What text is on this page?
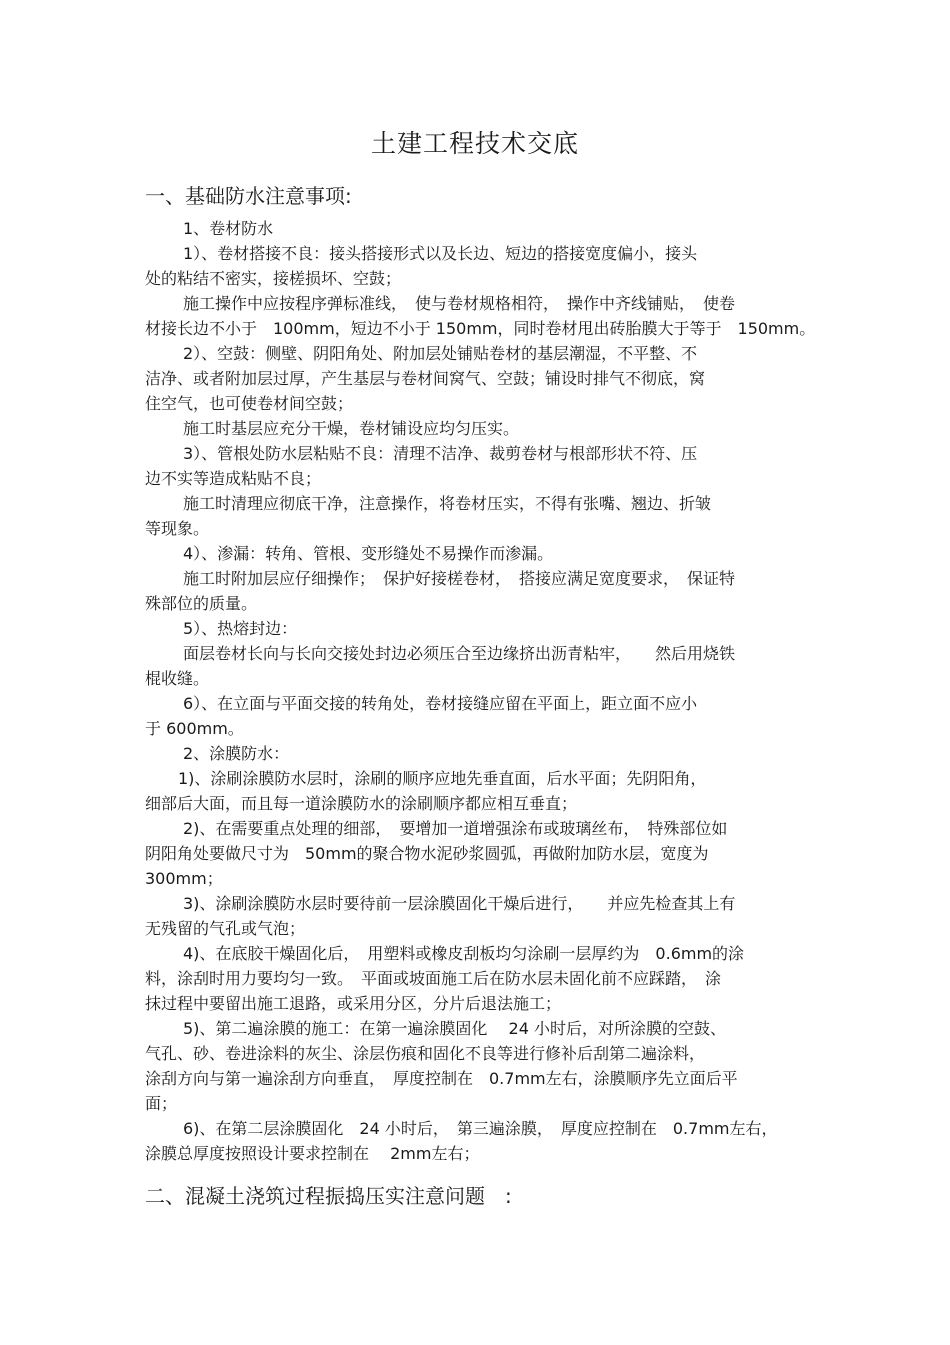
土建工程技术交底
一、基础防水注意事项:
1、卷材防水
1）、卷材搭接不良：接头搭接形式以及长边、短边的搭接宽度偏小，接头
处的粘结不密实，接槎损坏、空鼓；
施工操作中应按程序弹标准线，　使与卷材规格相符，　操作中齐线铺贴，　使卷
材接长边不小于　100mm，短边不小于 150mm，同时卷材甩出砖胎膜大于等于　150mm。
2）、空鼓：侧壁、阴阳角处、附加层处铺贴卷材的基层潮湿，不平整、不
洁净、或者附加层过厚，产生基层与卷材间窝气、空鼓；铺设时排气不彻底，窝
住空气，也可使卷材间空鼓；
施工时基层应充分干燥，卷材铺设应均匀压实。
3）、管根处防水层粘贴不良：清理不洁净、裁剪卷材与根部形状不符、压
边不实等造成粘贴不良；
施工时清理应彻底干净，注意操作，将卷材压实，不得有张嘴、翘边、折皱
等现象。
4）、渗漏：转角、管根、变形缝处不易操作而渗漏。
施工时附加层应仔细操作；　保护好接槎卷材，　搭接应满足宽度要求，　保证特
殊部位的质量。
5）、热熔封边：
面层卷材长向与长向交接处封边必须压合至边缘挤出沥青粘牢，　　然后用烧铁
棍收缝。
6）、在立面与平面交接的转角处，卷材接缝应留在平面上，距立面不应小
于 600mm。
2、涂膜防水：
1)、涂刷涂膜防水层时，涂刷的顺序应地先垂直面，后水平面；先阴阳角，
细部后大面，而且每一道涂膜防水的涂刷顺序都应相互垂直；
2)、在需要重点处理的细部，　要增加一道增强涂布或玻璃丝布，　特殊部位如
阴阳角处要做尺寸为　50mm的聚合物水泥砂浆圆弧，再做附加防水层，宽度为
300mm；
3)、涂刷涂膜防水层时要待前一层涂膜固化干燥后进行，　　并应先检查其上有
无残留的气孔或气泡；
4)、在底胶干燥固化后，　用塑料或橡皮刮板均匀涂刷一层厚约为　0.6mm的涂
料，涂刮时用力要均匀一致。　平面或坡面施工后在防水层未固化前不应踩踏，　涂
抹过程中要留出施工退路，或采用分区，分片后退法施工；
5)、第二遍涂膜的施工：在第一遍涂膜固化　 24 小时后，对所涂膜的空鼓、
气孔、砂、卷进涂料的灰尘、涂层伤痕和固化不良等进行修补后刮第二遍涂料，
涂刮方向与第一遍涂刮方向垂直，　厚度控制在　0.7mm左右，涂膜顺序先立面后平
面；
6)、在第二层涂膜固化　24 小时后，　第三遍涂膜，　厚度应控制在　0.7mm左右，
涂膜总厚度按照设计要求控制在　 2mm左右；
二、混凝土浇筑过程振捣压实注意问题　:
